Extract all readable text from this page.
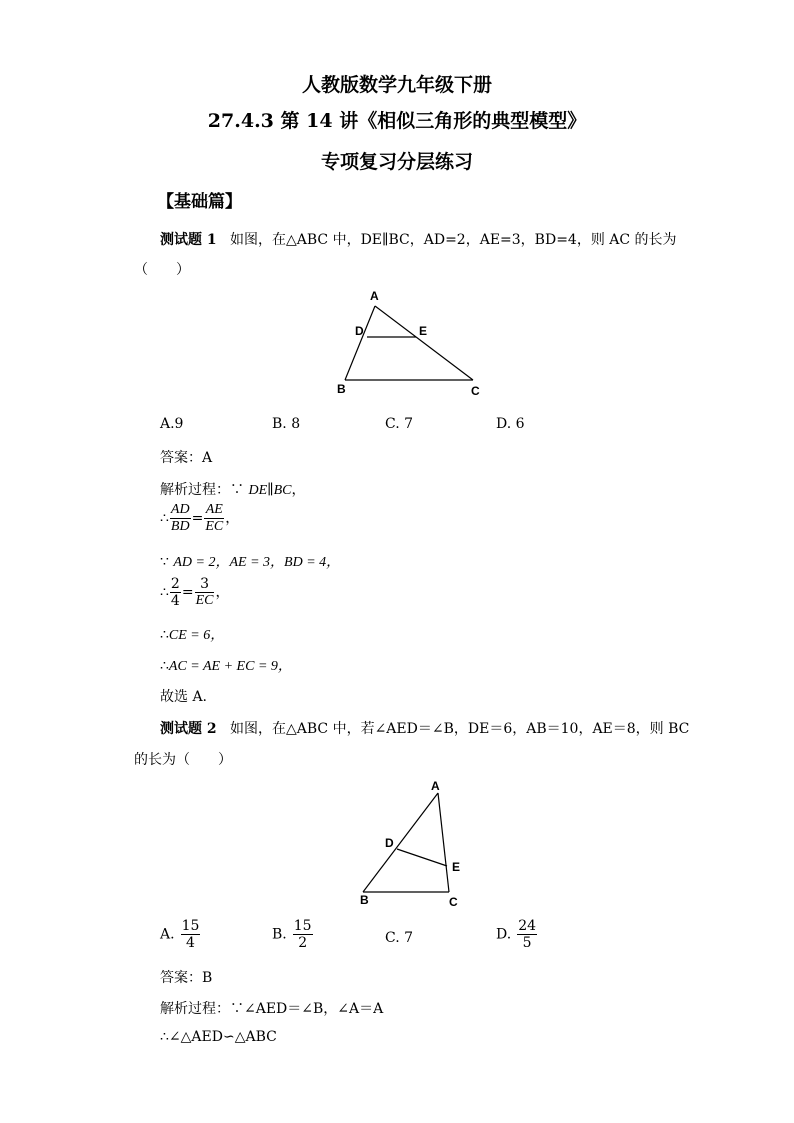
人教版数学九年级下册
27.4.3 第 14 讲《相似三角形的典型模型》
专项复习分层练习
【基础篇】
测试题 1 如图，在△ABC 中，DE∥BC，AD=2，AE=3，BD=4，则 AC 的长为
（　　）
A
D	E
B	C
A.9	B. 8	C. 7	D. 6
答案：A
解析过程：∵ DE∥BC，
∴ $\frac{AD}{BD} = \frac{AE}{EC}$ ，
∵ AD = 2，AE = 3，BD = 4，
∴ $\frac{2}{4} = \frac{3}{EC}$ ，
∴CE = 6，
∴AC = AE + EC = 9，
故选 A.
测试题 2 如图，在△ABC 中，若∠AED＝∠B，DE＝6，AB＝10，AE＝8，则 BC
的长为（　　）
A
D
E
B	C
A. $\frac{15}{4}$	B. $\frac{15}{2}$	C. 7	D. $\frac{24}{5}$
答案：B
解析过程：∵∠AED＝∠B，∠A＝A
∴∠△AED∽△ABC
